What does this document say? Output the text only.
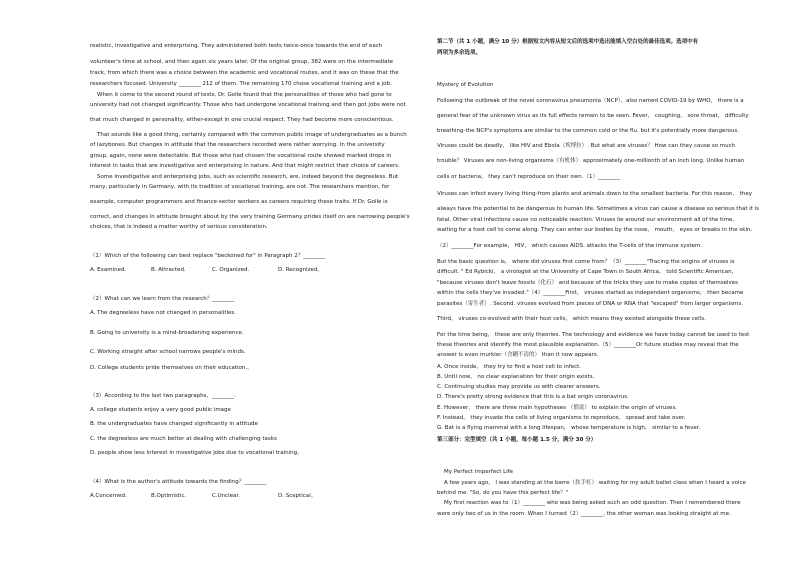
realistic, investigative and enterprising. They administered both tests twice-once towards the end of each
volunteer's time at school, and then again six years later. Of the original group, 382 were on the intermediate
track, from which there was a choice between the academic and vocational routes, and it was on these that the
researchers focused. University ________ 212 of them. The remaining 170 chose vocational training and a job.
When it come to the second round of tests, Dr. Golle found that the personalities of those who had gone to
university had not changed significantly. Those who had undergone vocational training and then got jobs were not
that much changed in personality, either-except in one crucial respect. They had become more conscientious.
That sounds like a good thing, certainly compared with the common public image of undergraduates as a bunch
of lazybones. But changes in attitude that the researchers recorded were rather worrying. In the university
group, again, none were detectable. But those who had chosen the vocational route showed marked drops in
interest in tasks that are investigative and enterprising in nature. And that might restrict their choice of careers.
Some investigative and enterprising jobs, such as scientific research, are, indeed beyond the degreeless. But
many, particularly in Germany, with its tradition of vocational training, are not. The researchers mention, for
example, computer programmers and finance-sector workers as careers requiring these traits. If Dr. Golle is
correct, and changes in attitude brought about by the very training Germany prides itself on are narrowing people's
choices, that is indeed a matter worthy of serious consideration.
（1）Which of the following can best replace "beckoned for" in Paragraph 2？________
A. Examined.	B. Attracted.	C. Organized.	D. Recognized。
（2）What can we learn from the research？________
A. The degreeless have not changed in personalities.
B. Going to university is a mind-broadening experience.
C. Working straight after school narrows people's minds.
D. College students pride themselves on their education.。
（3）According to the last two paragraphs，________.
A. college students enjoy a very good public image
B. the undergraduates have changed significantly in attitude
C. the degreeless are much better at dealing with challenging tasks
D. people show less interest in investigative jobs due to vocational training。
（4）What is the author's attitude towards the finding？________
A.Concerned.	B.Optimistic.	C.Unclear.	D. Sceptical。
第二节（共 1 小题，满分 10 分）根据短文内容从短文后的选项中选出能填入空白处的最佳选项。选项中有
两项为多余选项。
Mystery of Evolution
Following the outbreak of the novel coronavirus pneumonia（NCP），also named COVID-19 by WHO， there is a
general fear of the unknown virus as its full effects remain to be seen. Fever， coughing， sore throat， difficulty
breathing-the NCP's symptoms are similar to the common cold or the flu. but it's potentially more dangerous.
Viruses could be deadly， like HIV and Ebola（埃博拉）. But what are viruses？ How can they cause so much
trouble？ Viruses are non-living organisms（有机体） approximately one-millionth of an inch long. Unlike human
cells or bacteria， they can't reproduce on their own.（1）________
Viruses can infect every living thing-from plants and animals down to the smallest bacteria. For this reason， they
always have the potential to be dangerous to human life. Sometimes a virus can cause a disease so serious that it is
fatal. Other viral infections cause no noticeable reaction. Viruses lie around our environment all of the time，
waiting for a host cell to come along. They can enter our bodies by the nose， mouth， eyes or breaks in the skin.
（2）________For example， HIV， which causes AIDS. attacks the T-cells of the immune system.
But the basic question is， where did viruses first come from？（3）________"Tracing the origins of viruses is
difficult. " Ed Rybicki， a virologist at the University of Cape Town in South Africa， told Scientific American，
"because viruses don't leave fossils（化石） and because of the tricks they use to make copies of themselves
within the cells they've invaded."（4）________First， viruses started as independent organisms， then became
parasites（寄生者）. Second. viruses evolved from pieces of DNA or RNA that "escaped" from larger organisms.
Third， viruses co-evolved with their host cells， which means they existed alongside these cells.
For the time being， these are only theories. The technology and evidence we have today cannot be used to test
these theories and identify the most plausible explanation.（5）________Or future studies may reveal that the
answer is even murkier（含糊不清的） than it now appears.
A. Once inside， they try to find a host cell to infect.
B. Until now， no clear explanation for their origin exists.
C. Continuing studies may provide us with clearer answers.
D. There's pretty strong evidence that this is a bat origin coronavirus.
E. However， there are three main hypotheses （假说） to explain the origin of viruses.
F. Instead， they invade the cells of living organisms to reproduce， spread and take over.
G. Bat is a flying mammal with a long lifespan， whose temperature is high， similar to a fever.
第三部分：完型填空（共 1 小题，每小题 1.5 分，满分 30 分）
My Perfect Imperfect Life
A few years ago， I was standing at the barre（扶手杠） waiting for my adult ballet class when I heard a voice
behind me. "So, do you have this perfect life？"
My first reaction was to（1）________ who was being asked such an odd question. Then I remembered there
were only two of us in the room. When I turned（2）________, the other woman was looking straight at me.
